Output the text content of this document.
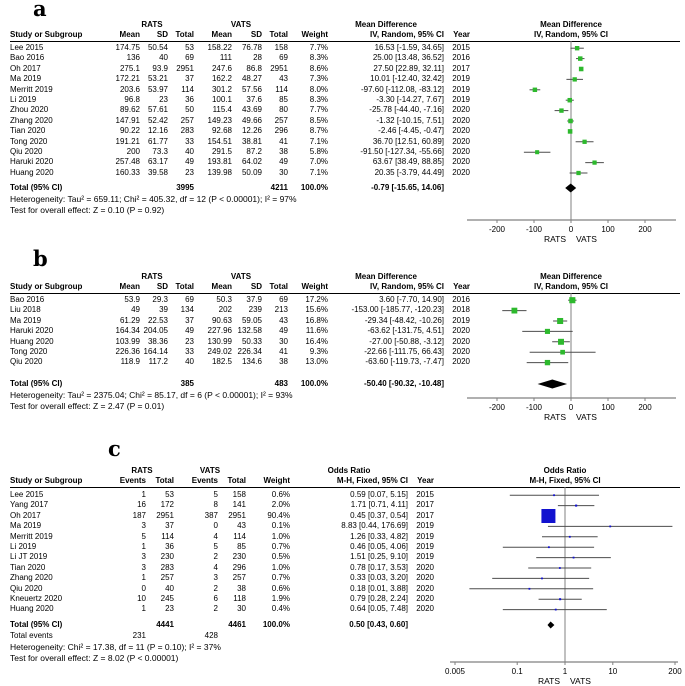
a
RATS	VATS	Mean Difference	Mean Difference
IV, Random, 95% CI
Study or Subgroup	Mean	SD Total	Mean	SD Total	Weight	IV, Random, 95% CI	Year
Lee 2015	174.75 50.54	53	158.22	76.78	158	7.7%	16.53 [-1.59, 34.65]	2015
Bao 2016	136	40	69	111	28	69	8.3%	25.00 [13.48, 36.52]	2016
Oh 2017	275.1	93.9	2951	247.6	86.8	2951	8.6%	27.50 [22.89, 32.11]	2017
Ma 2019	172.21 53.21	37	162.2	48.27	43	7.3%	10.01 [-12.40, 32.42]	2019
Merritt 2019	203.6 53.97	114	301.2	57.56	114	8.0%	-97.60 [-112.08, -83.12]	2019
Li 2019	96.8	23	36	100.1	37.6	85	8.3%	-3.30 [-14.27, 7.67]	2019
Zhou 2020	89.62 57.61	50	115.4	43.69	80	7.7%	-25.78 [-44.40, -7.16]	2020
Zhang 2020	147.91 52.42	257	149.23	49.66	257	8.5%	-1.32 [-10.15, 7.51]	2020
Tian 2020	90.22 12.16	283	92.68	12.26	296	8.7%	-2.46 [-4.45, -0.47]	2020
Tong 2020	191.21 61.77	33	154.51	38.81	41	7.1%	36.70 [12.51, 60.89]	2020
Qiu 2020	200	73.3	40	291.5	87.2	38	5.8%	-91.50 [-127.34, -55.66]	2020
Haruki 2020	257.48 63.17	49	193.81	64.02	49	7.0%	63.67 [38.49, 88.85]	2020
Huang 2020	160.33 39.58	23	139.98	50.09	30	7.1%	20.35 [-3.79, 44.49]	2020
Total (95% CI)	3995	4211	100.0%	-0.79 [-15.65, 14.06]
Heterogeneity: Tau² = 659.11; Chi² = 405.32, df = 12 (P < 0.00001); I² = 97%
Test for overall effect: Z = 0.10 (P = 0.92)
-200	-100	0	100	200
RATS VATS
b
RATS	VATS	Mean Difference	Mean Difference
IV, Random, 95% CI
Study or Subgroup	Mean	SD Total	Mean	SD Total	Weight	IV, Random, 95% CI	Year
Bao 2016	53.9	29.3	69	50.3	37.9	69	17.2%	3.60 [-7.70, 14.90]	2016
Liu 2018	49	39	134	202	239	213	15.6%	-153.00 [-185.77, -120.23]	2018
Ma 2019	61.29 22.53	37	90.63	59.05	43	16.8%	-29.34 [-48.42, -10.26]	2019
Haruki 2020	164.34 204.05	49	227.96 132.58	49	11.6%	-63.62 [-131.75, 4.51]	2020
Huang 2020	103.99 38.36	23	130.99	50.33	30	16.4%	-27.00 [-50.88, -3.12]	2020
Tong 2020	226.36 164.14	33	249.02 226.34	41	9.3%	-22.66 [-111.75, 66.43]	2020
Qiu 2020	118.9	117.2	40	182.5	134.6	38	13.0%	-63.60 [-119.73, -7.47]	2020
Total (95% CI)	385	483	100.0%	-50.40 [-90.32, -10.48]
Heterogeneity: Tau² = 2375.04; Chi² = 85.17, df = 6 (P < 0.00001); I² = 93%
Test for overall effect: Z = 2.47 (P = 0.01)	-200	-100	0	100	200
RATS VATS
c
RATS	VATS	Odds Ratio	Odds Ratio
M-H, Fixed, 95% CI
Study or Subgroup	Events	Total	Events	Total	Weight	M-H, Fixed, 95% CI	Year
Lee 2015	1	53	5	158	0.6%	0.59 [0.07, 5.15]	2015
Yang 2017	16	172	8	141	2.0%	1.71 [0.71, 4.11]	2017
Oh 2017	187	2951	387	2951	90.4%	0.45 [0.37, 0.54]	2017
Ma 2019	3	37	0	43	0.1%	8.83 [0.44, 176.69]	2019
Merritt 2019	5	114	4	114	1.0%	1.26 [0.33, 4.82]	2019
Li 2019	1	36	5	85	0.7%	0.46 [0.05, 4.06]	2019
Li JT 2019	3	230	2	230	0.5%	1.51 [0.25, 9.10]	2019
Tian 2020	3	283	4	296	1.0%	0.78 [0.17, 3.53]	2020
Zhang 2020	1	257	3	257	0.7%	0.33 [0.03, 3.20]	2020
Qiu 2020	0	40	2	38	0.6%	0.18 [0.01, 3.88]	2020
Kneuertz 2020	10	245	6	118	1.9%	0.79 [0.28, 2.24]	2020
Huang 2020	1	23	2	30	0.4%	0.64 [0.05, 7.48]	2020
Total (95% CI)	4441	4461	100.0%	0.50 [0.43, 0.60]
Total events	231	428
Heterogeneity: Chi² = 17.38, df = 11 (P = 0.10); I² = 37%
Test for overall effect: Z = 8.02 (P < 0.00001)
0.005	0.1	1	10	200
RATS VATS
